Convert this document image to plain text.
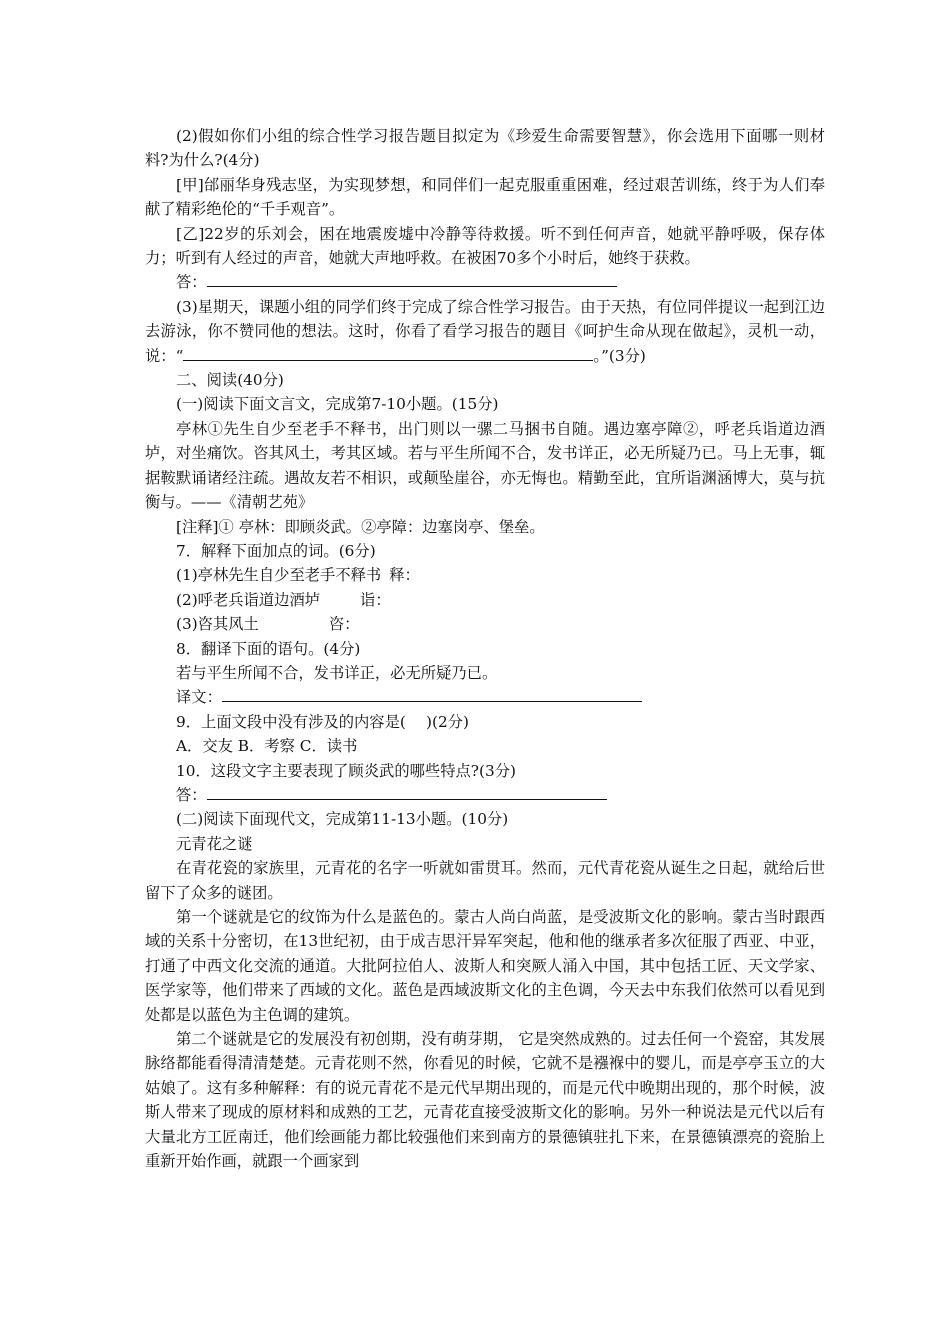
(2)假如你们小组的综合性学习报告题目拟定为《珍爱生命需要智慧》，你会选用下面哪一则材料?为什么?(4分)

[甲]邰丽华身残志坚，为实现梦想，和同伴们一起克服重重困难，经过艰苦训练，终于为人们奉献了精彩绝伦的“千手观音”。

[乙]22岁的乐刘会，困在地震废墟中冷静等待救援。听不到任何声音，她就平静呼吸，保存体力；听到有人经过的声音，她就大声地呼救。在被困70多个小时后，她终于获救。

答：

(3)星期天，课题小组的同学们终于完成了综合性学习报告。由于天热，有位同伴提议一起到江边去游泳，你不赞同他的想法。这时，你看了看学习报告的题目《呵护生命从现在做起》，灵机一动，说：“	。”(3分)

二、阅读(40分)

(一)阅读下面文言文，完成第7-10小题。(15分)

亭林①先生自少至老手不释书，出门则以一骡二马捆书自随。遇边塞亭障②，呼老兵诣道边酒垆，对坐痛饮。咨其风土，考其区域。若与平生所闻不合，发书详正，必无所疑乃已。马上无事，辄据鞍默诵诸经注疏。遇故友若不相识，或颠坠崖谷，亦无悔也。精勤至此，宜所诣渊涵博大，莫与抗衡与。——《清朝艺苑》

[注释]① 亭林：即顾炎武。②亭障：边塞岗亭、堡垒。

7．解释下面加点的词。(6分)

(1)亭林先生自少至老手不释书 释：

(2)呼老兵诣道边酒垆	诣：

(3)咨其风土	咨：

8．翻译下面的语句。(4分)

若与平生所闻不合，发书详正，必无所疑乃已。

译文：

9．上面文段中没有涉及的内容是(　 )(2分)

A．交友 B．考察 C．读书

10．这段文字主要表现了顾炎武的哪些特点?(3分)

答：

(二)阅读下面现代文，完成第11-13小题。(10分)

元青花之谜

在青花瓷的家族里，元青花的名字一听就如雷贯耳。然而，元代青花瓷从诞生之日起，就给后世留下了众多的谜团。

第一个谜就是它的纹饰为什么是蓝色的。蒙古人尚白尚蓝，是受波斯文化的影响。蒙古当时跟西域的关系十分密切，在13世纪初，由于成吉思汗异军突起，他和他的继承者多次征服了西亚、中亚，打通了中西文化交流的通道。大批阿拉伯人、波斯人和突厥人涌入中国，其中包括工匠、天文学家、医学家等，他们带来了西域的文化。蓝色是西域波斯文化的主色调，今天去中东我们依然可以看见到处都是以蓝色为主色调的建筑。

第二个谜就是它的发展没有初创期，没有萌芽期， 它是突然成熟的。过去任何一个瓷窑，其发展脉络都能看得清清楚楚。元青花则不然，你看见的时候，它就不是襁褓中的婴儿，而是亭亭玉立的大姑娘了。这有多种解释：有的说元青花不是元代早期出现的，而是元代中晚期出现的，那个时候，波斯人带来了现成的原材料和成熟的工艺，元青花直接受波斯文化的影响。另外一种说法是元代以后有大量北方工匠南迁，他们绘画能力都比较强他们来到南方的景德镇驻扎下来，在景德镇漂亮的瓷胎上重新开始作画，就跟一个画家到
